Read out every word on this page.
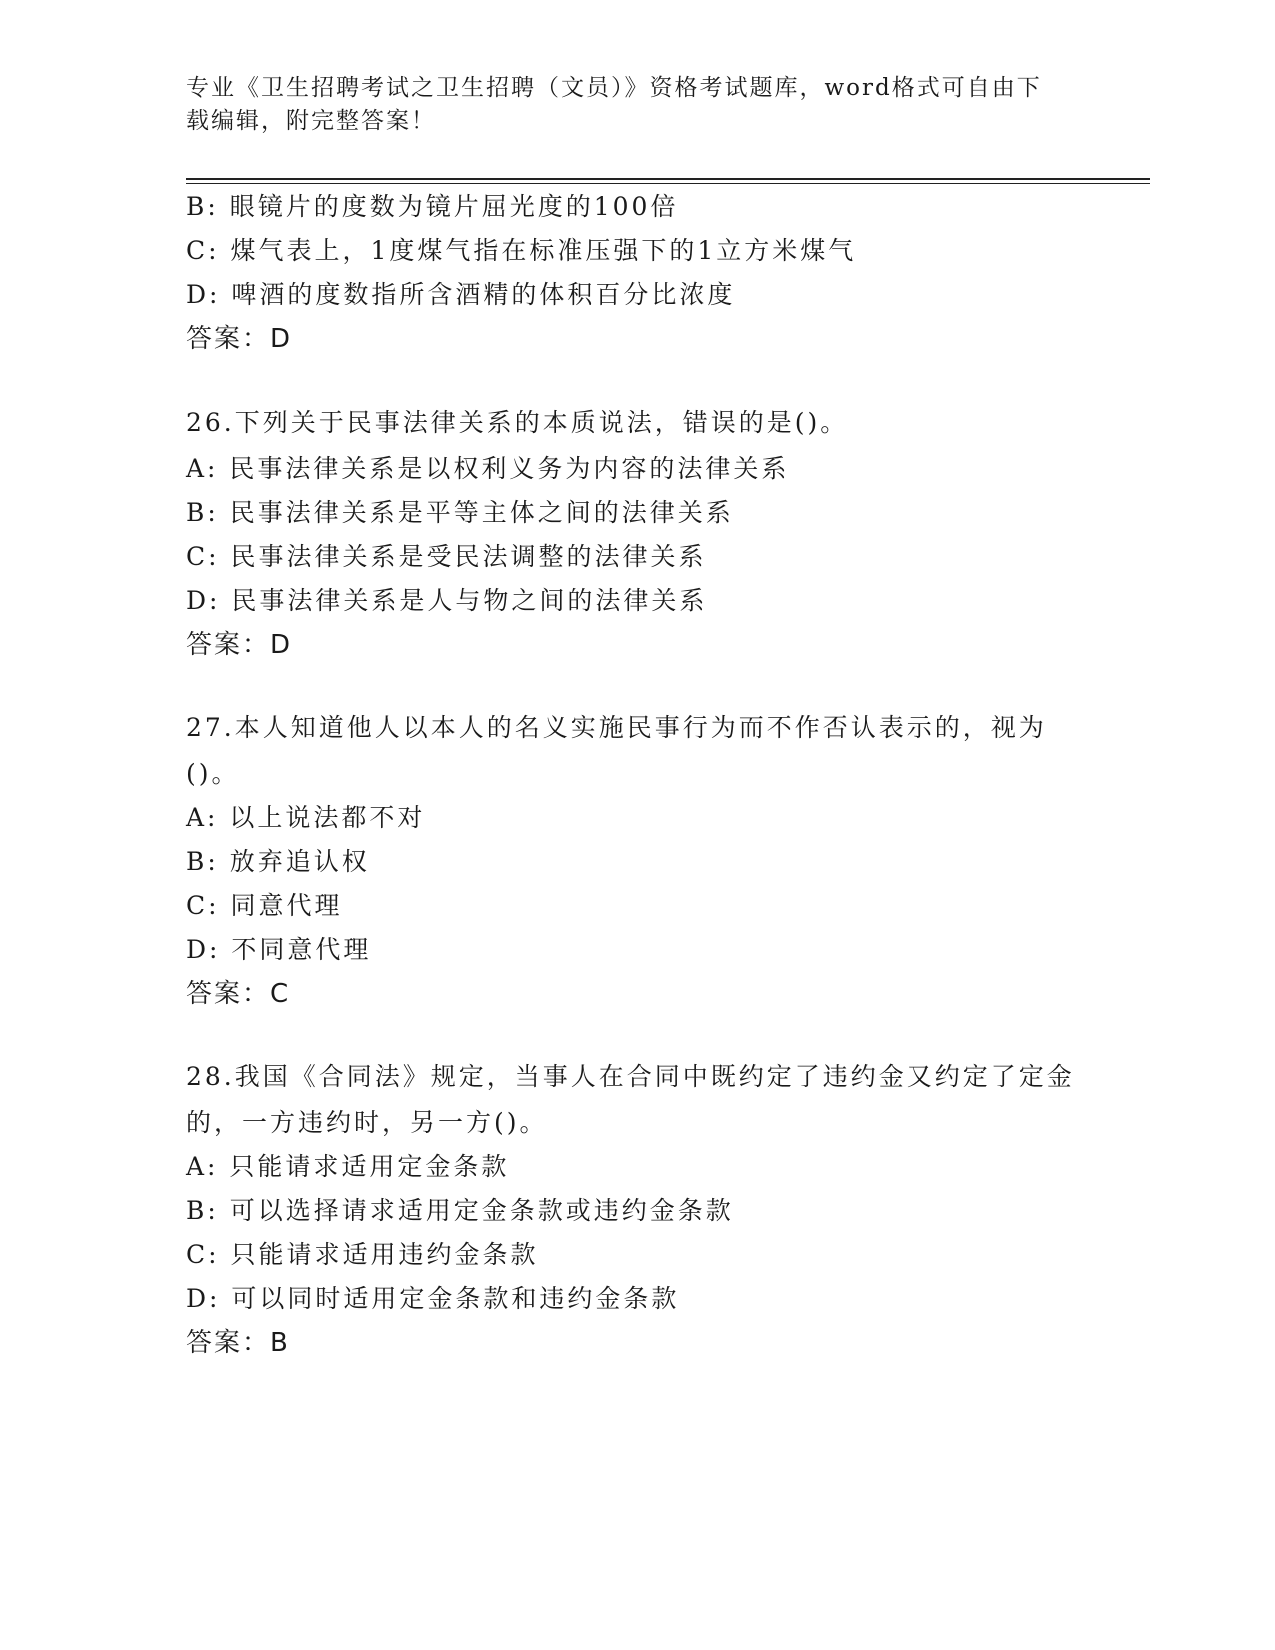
专业《卫生招聘考试之卫生招聘（文员）》资格考试题库，word格式可自由下载编辑，附完整答案！
B: 眼镜片的度数为镜片屈光度的100倍
C: 煤气表上，1度煤气指在标准压强下的1立方米煤气
D: 啤酒的度数指所含酒精的体积百分比浓度
答案：D
26.下列关于民事法律关系的本质说法，错误的是()。
A: 民事法律关系是以权利义务为内容的法律关系
B: 民事法律关系是平等主体之间的法律关系
C: 民事法律关系是受民法调整的法律关系
D: 民事法律关系是人与物之间的法律关系
答案：D
27.本人知道他人以本人的名义实施民事行为而不作否认表示的，视为()。
A: 以上说法都不对
B: 放弃追认权
C: 同意代理
D: 不同意代理
答案：C
28.我国《合同法》规定，当事人在合同中既约定了违约金又约定了定金的，一方违约时，另一方()。
A: 只能请求适用定金条款
B: 可以选择请求适用定金条款或违约金条款
C: 只能请求适用违约金条款
D: 可以同时适用定金条款和违约金条款
答案：B
